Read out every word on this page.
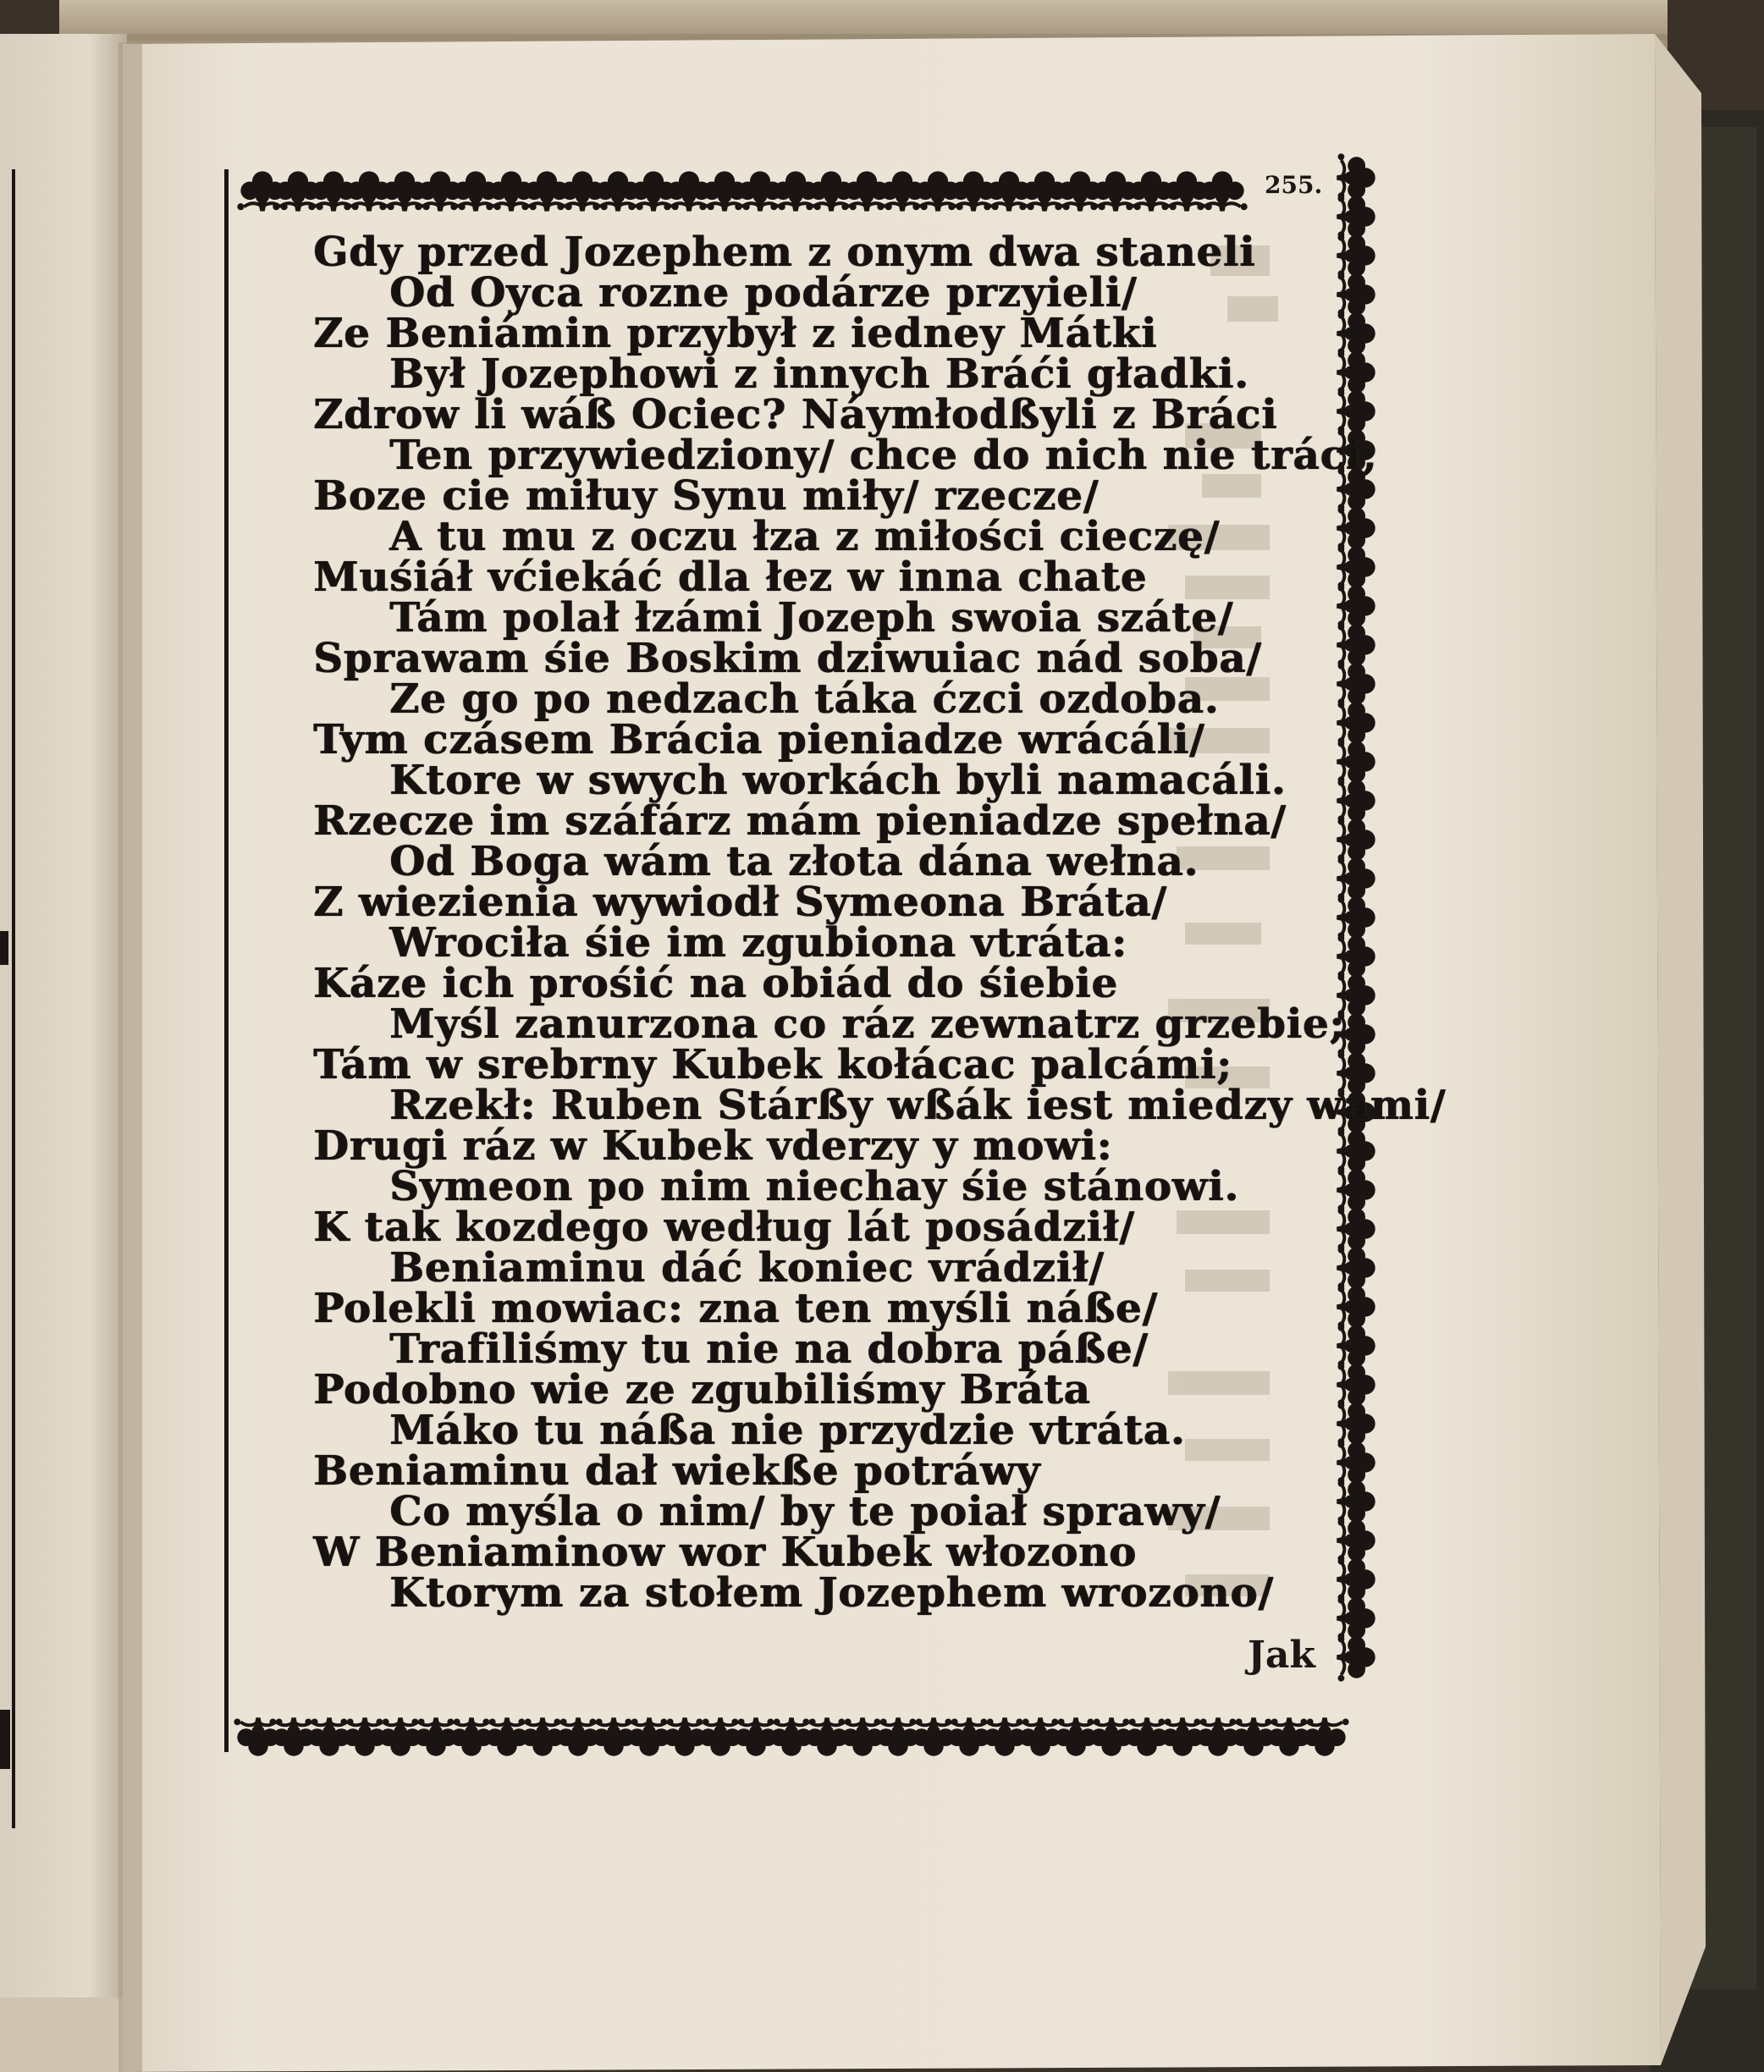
255.
Gdy przed Jozephem z onym dwa staneli
Od Oyca rozne podárze przyieli/
Ze Beniámin przybył z iedney Mátki
Był Jozephowi z innych Bráći gładki.
Zdrow li wáß Ociec? Náymłodßyli z Bráci
Ten przywiedziony/ chce do nich nie tráci;
Boze cie miłuy Synu miły/ rzecze/
A tu mu z oczu łza z miłości cieczę/
Muśiáł vćiekáć dla łez w inna chate
Tám polał łzámi Jozeph swoia száte/
Sprawam śie Boskim dziwuiac nád soba/
Ze go po nedzach táka ćzci ozdoba.
Tym czásem Brácia pieniadze wrácáli/
Ktore w swych workách byli namacáli.
Rzecze im száfárz mám pieniadze spełna/
Od Boga wám ta złota dána wełna.
Z wiezienia wywiodł Symeona Bráta/
Wrociła śie im zgubiona vtráta:
Káze ich prośić na obiád do śiebie
Myśl zanurzona co ráz zewnatrz grzebie;
Tám w srebrny Kubek kołácac palcámi;
Rzekł: Ruben Stárßy wßák iest miedzy wámi/
Drugi ráz w Kubek vderzy y mowi:
Symeon po nim niechay śie stánowi.
K tak kozdego według lát posádził/
Beniaminu dáć koniec vrádził/
Polekli mowiac: zna ten myśli náße/
Trafiliśmy tu nie na dobra páße/
Podobno wie ze zgubiliśmy Bráta
Máko tu náßa nie przydzie vtráta.
Beniaminu dał wiekße potráwy
Co myśla o nim/ by te poiał sprawy/
W Beniaminow wor Kubek włozono
Ktorym za stołem Jozephem wrozono/
Jak
